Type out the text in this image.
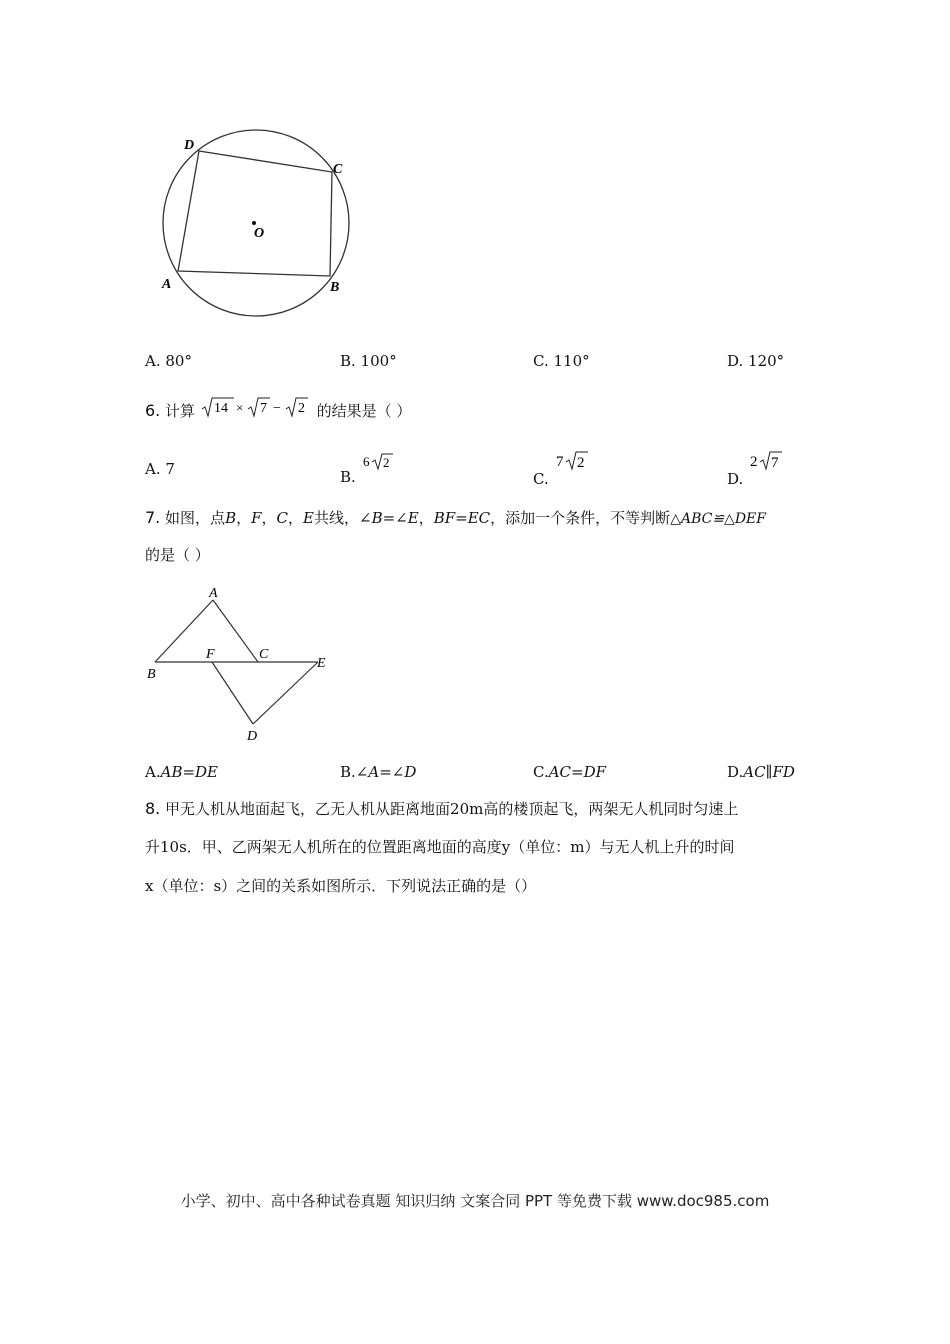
D
C
O
A	B
A. 80°	B. 100°	C. 110°	D. 120°
6. 计算 14 × 7 − 2 的结果是（ ）
A. 7	B.
6 2
C.
7 2
D.
2 7
7. 如图，点B，F，C，E共线，∠B=∠E，BF=EC，添加一个条件，不等判断△ABC≌△DEF
的是（ ）
A
F	C
E
B
D
A.AB=DE	B.∠A=∠D	C.AC=DF	D.AC∥FD
8. 甲无人机从地面起飞，乙无人机从距离地面20m高的楼顶起飞，两架无人机同时匀速上
升10s．甲、乙两架无人机所在的位置距离地面的高度y（单位：m）与无人机上升的时间
x（单位：s）之间的关系如图所示．下列说法正确的是（）
小学、初中、高中各种试卷真题 知识归纳 文案合同 PPT 等免费下载 www.doc985.com
